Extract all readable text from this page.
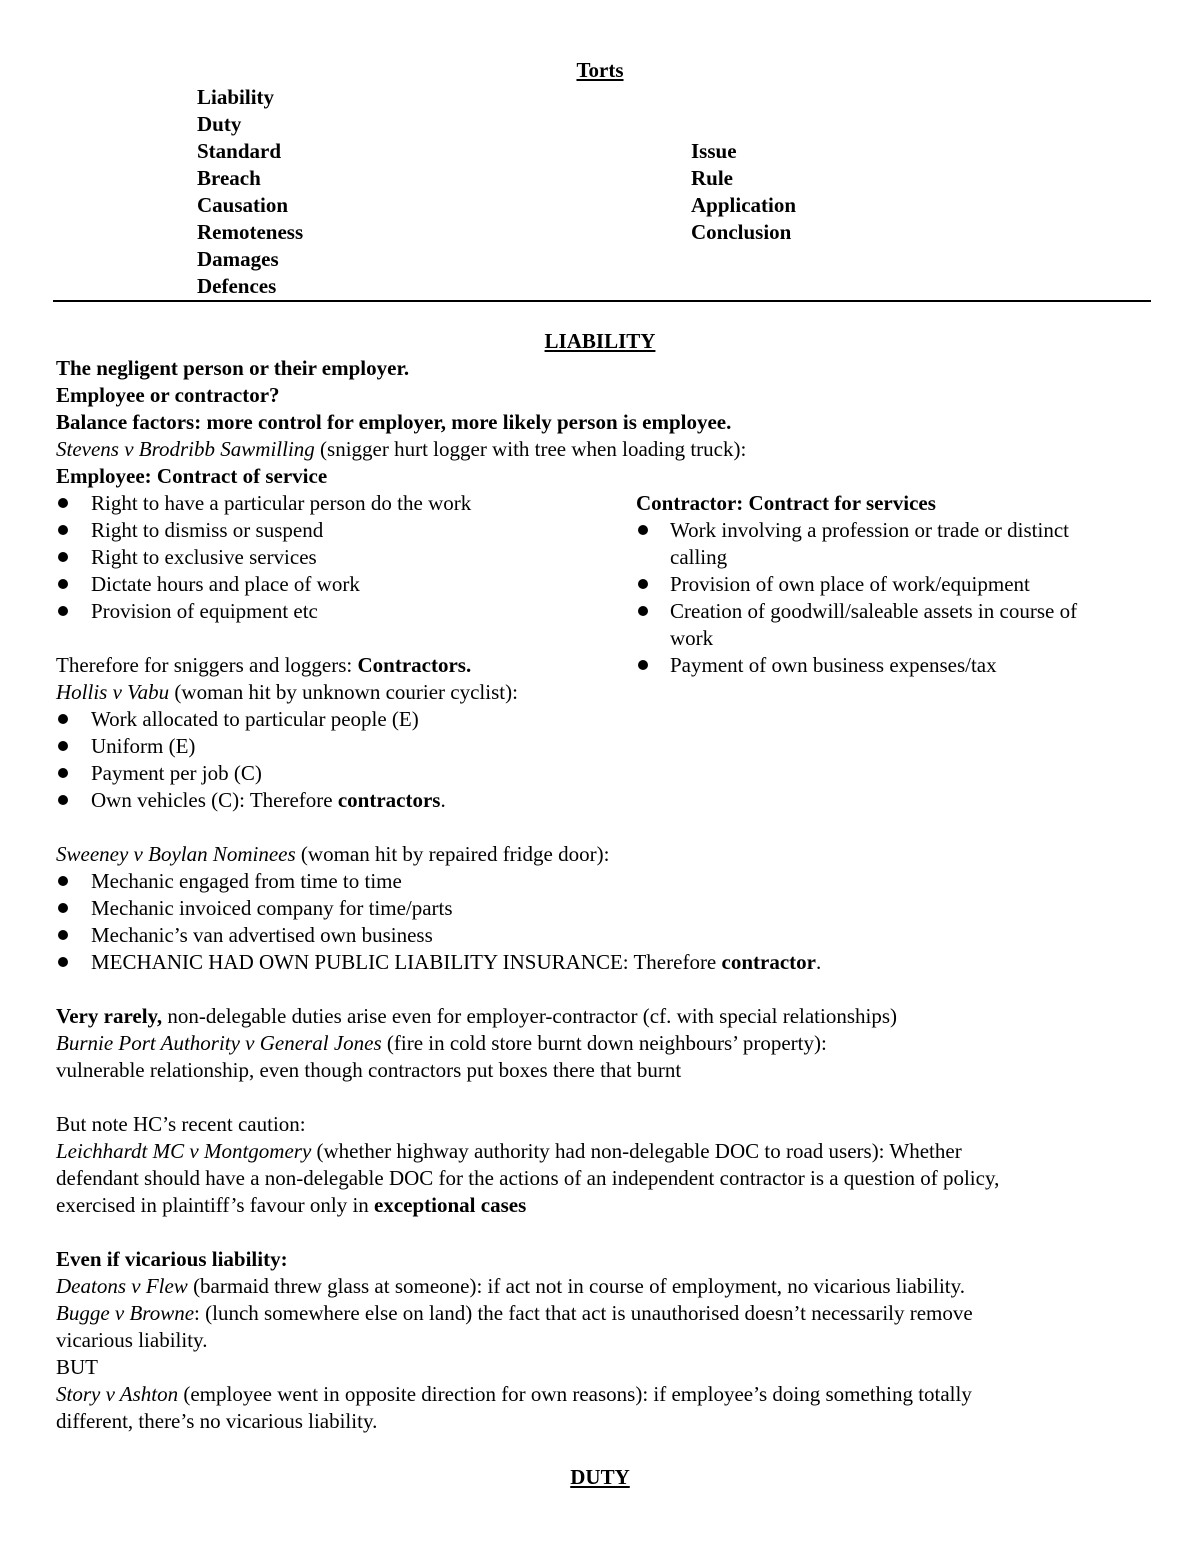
Torts
Liability
Duty
Standard
Breach
Causation
Remoteness
Damages
Defences
Issue
Rule
Application
Conclusion
LIABILITY
The negligent person or their employer.
Employee or contractor?
Balance factors: more control for employer, more likely person is employee.
Stevens v Brodribb Sawmilling (snigger hurt logger with tree when loading truck):
Employee: Contract of service
Right to have a particular person do the work
Right to dismiss or suspend
Right to exclusive services
Dictate hours and place of work
Provision of equipment etc
Contractor: Contract for services
Work involving a profession or trade or distinct
calling
Provision of own place of work/equipment
Creation of goodwill/saleable assets in course of
work
Payment of own business expenses/tax
Therefore for sniggers and loggers: Contractors.
Hollis v Vabu (woman hit by unknown courier cyclist):
Work allocated to particular people (E)
Uniform (E)
Payment per job (C)
Own vehicles (C): Therefore contractors.
Sweeney v Boylan Nominees (woman hit by repaired fridge door):
Mechanic engaged from time to time
Mechanic invoiced company for time/parts
Mechanic’s van advertised own business
MECHANIC HAD OWN PUBLIC LIABILITY INSURANCE: Therefore contractor.
Very rarely, non-delegable duties arise even for employer-contractor (cf. with special relationships)
Burnie Port Authority v General Jones (fire in cold store burnt down neighbours’ property):
vulnerable relationship, even though contractors put boxes there that burnt
But note HC’s recent caution:
Leichhardt MC v Montgomery (whether highway authority had non-delegable DOC to road users): Whether
defendant should have a non-delegable DOC for the actions of an independent contractor is a question of policy,
exercised in plaintiff’s favour only in exceptional cases
Even if vicarious liability:
Deatons v Flew (barmaid threw glass at someone): if act not in course of employment, no vicarious liability.
Bugge v Browne: (lunch somewhere else on land) the fact that act is unauthorised doesn’t necessarily remove
vicarious liability.
BUT
Story v Ashton (employee went in opposite direction for own reasons): if employee’s doing something totally
different, there’s no vicarious liability.
DUTY
